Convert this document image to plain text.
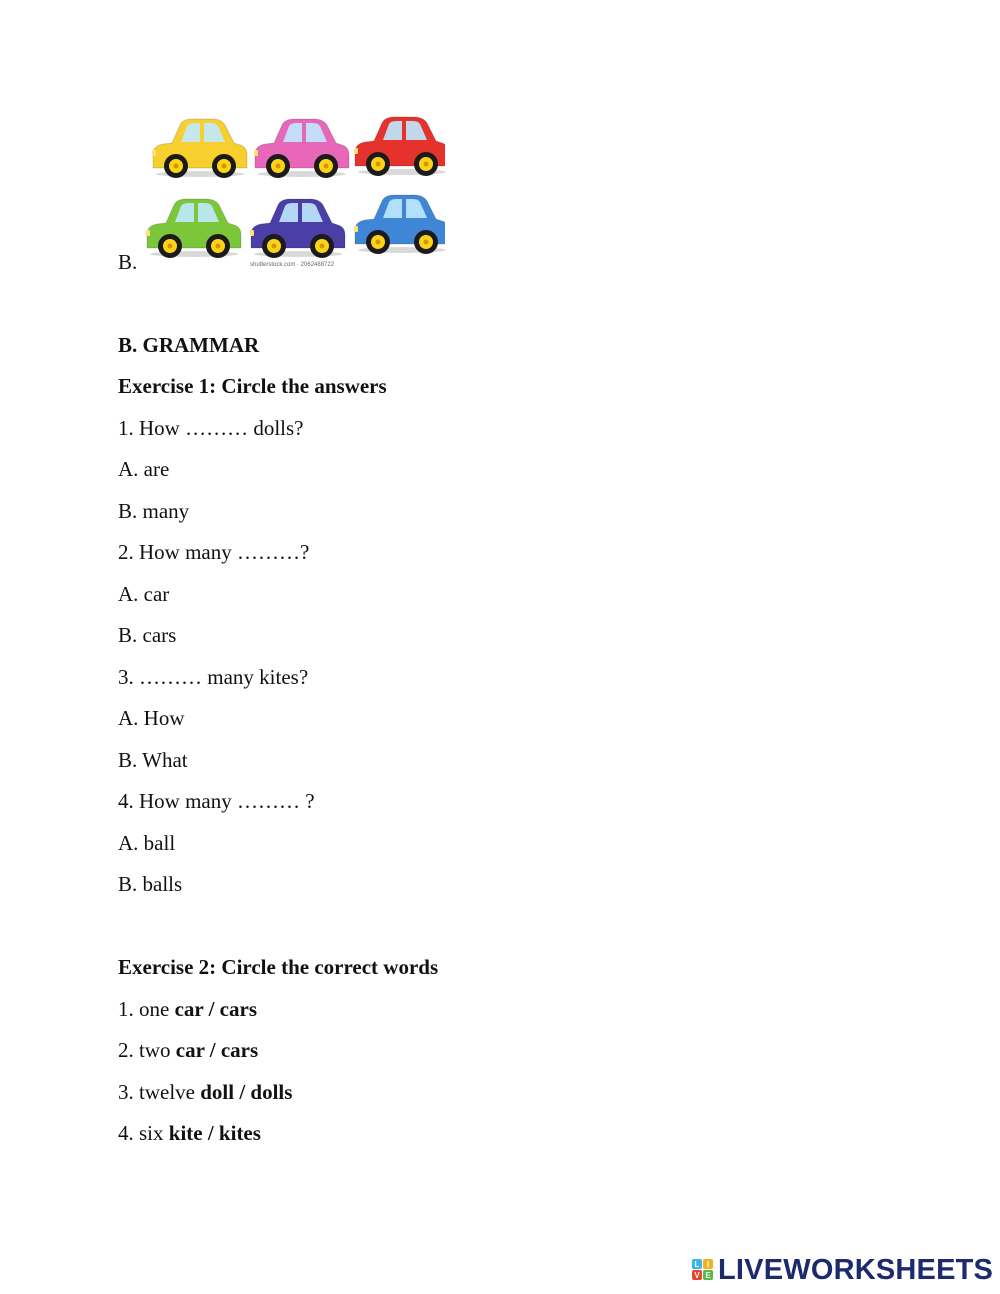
B.	shutterstock.com · 2062488722
B. GRAMMAR
Exercise 1: Circle the answers
1. How ……… dolls?
A. are
B. many
2. How many ………?
A. car
B. cars
3. ……… many kites?
A. How
B. What
4. How many ……… ?
A. ball
B. balls
Exercise 2: Circle the correct words
1. one car / cars
2. two car / cars
3. twelve doll / dolls
4. six kite / kites
L I
V E LIVEWORKSHEETS
